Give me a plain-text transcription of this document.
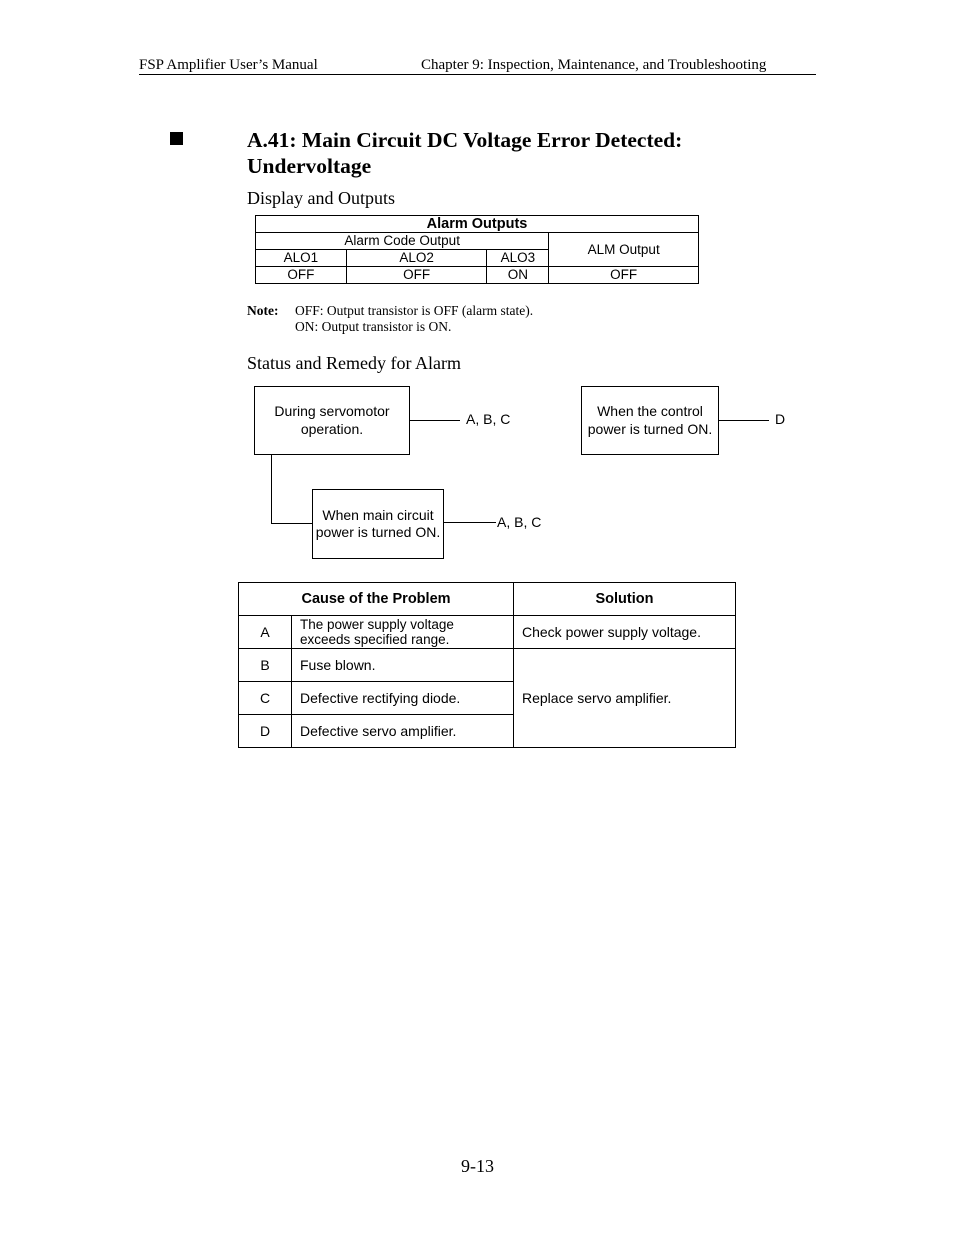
FSP Amplifier User’s Manual	Chapter 9: Inspection, Maintenance, and Troubleshooting
A.41: Main Circuit DC Voltage Error Detected: Undervoltage
Display and Outputs
Alarm Outputs			
Alarm Code Output			ALM Output
ALO1	ALO2	ALO3	
OFF	OFF	ON	OFF
Note: OFF: Output transistor is OFF (alarm state).
ON: Output transistor is ON.
Status and Remedy for Alarm
During servomotor operation.
A, B, C	When the control power is turned ON.
D
When main circuit power is turned ON.
A, B, C
Cause of the Problem		Solution
A	The power supply voltage exceeds specified range.	Check power supply voltage.
B	Fuse blown.	Replace servo amplifier.
C	Defective rectifying diode.	
D	Defective servo amplifier.	
9-13
